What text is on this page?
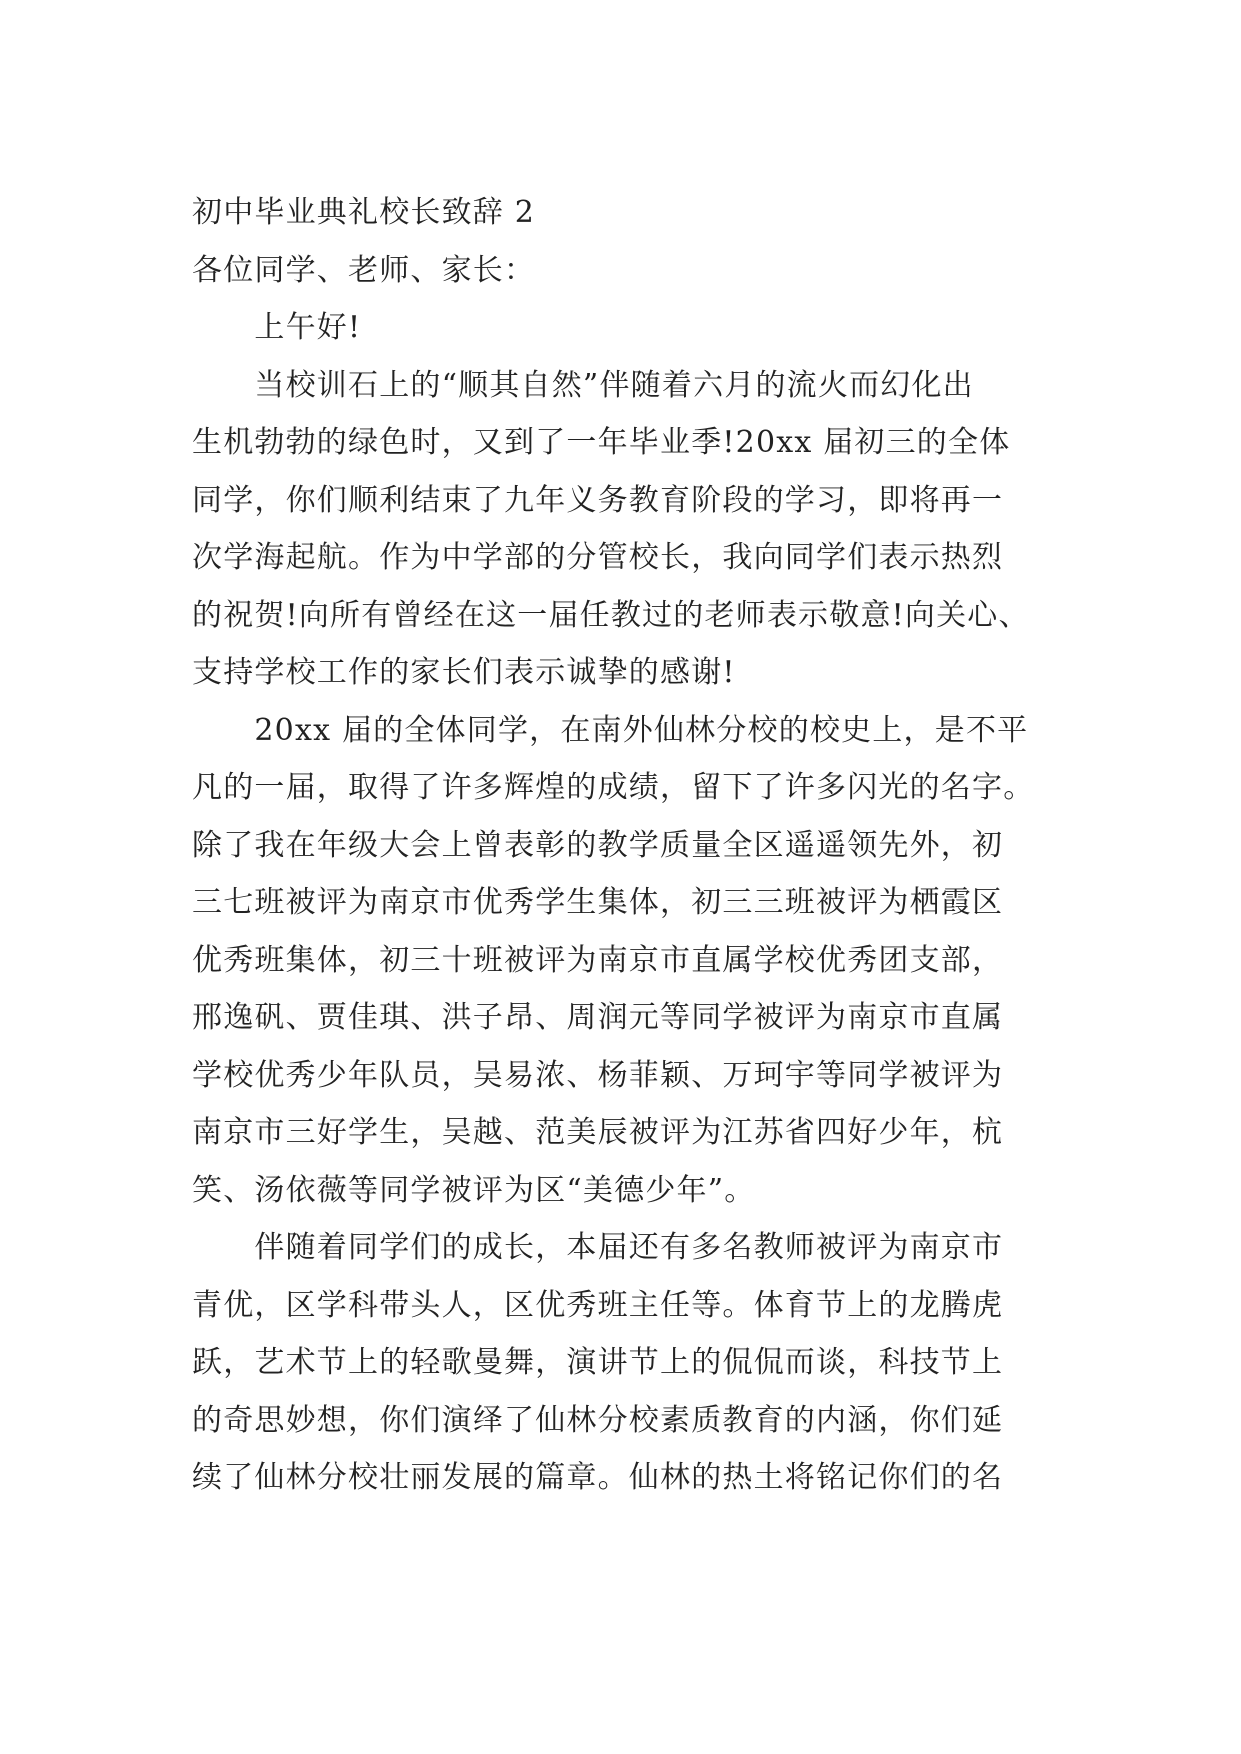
初中毕业典礼校长致辞 2
各位同学、老师、家长：
　　上午好!
　　当校训石上的“顺其自然”伴随着六月的流火而幻化出
生机勃勃的绿色时，又到了一年毕业季!20xx 届初三的全体
同学，你们顺利结束了九年义务教育阶段的学习，即将再一
次学海起航。作为中学部的分管校长，我向同学们表示热烈
的祝贺!向所有曾经在这一届任教过的老师表示敬意!向关心、
支持学校工作的家长们表示诚挚的感谢!
　　20xx 届的全体同学，在南外仙林分校的校史上，是不平
凡的一届，取得了许多辉煌的成绩，留下了许多闪光的名字。
除了我在年级大会上曾表彰的教学质量全区遥遥领先外，初
三七班被评为南京市优秀学生集体，初三三班被评为栖霞区
优秀班集体，初三十班被评为南京市直属学校优秀团支部，
邢逸矾、贾佳琪、洪子昂、周润元等同学被评为南京市直属
学校优秀少年队员，吴易浓、杨菲颖、万珂宇等同学被评为
南京市三好学生，吴越、范美辰被评为江苏省四好少年，杭
笑、汤依薇等同学被评为区“美德少年”。
　　伴随着同学们的成长，本届还有多名教师被评为南京市
青优，区学科带头人，区优秀班主任等。体育节上的龙腾虎
跃，艺术节上的轻歌曼舞，演讲节上的侃侃而谈，科技节上
的奇思妙想，你们演绎了仙林分校素质教育的内涵，你们延
续了仙林分校壮丽发展的篇章。仙林的热土将铭记你们的名
